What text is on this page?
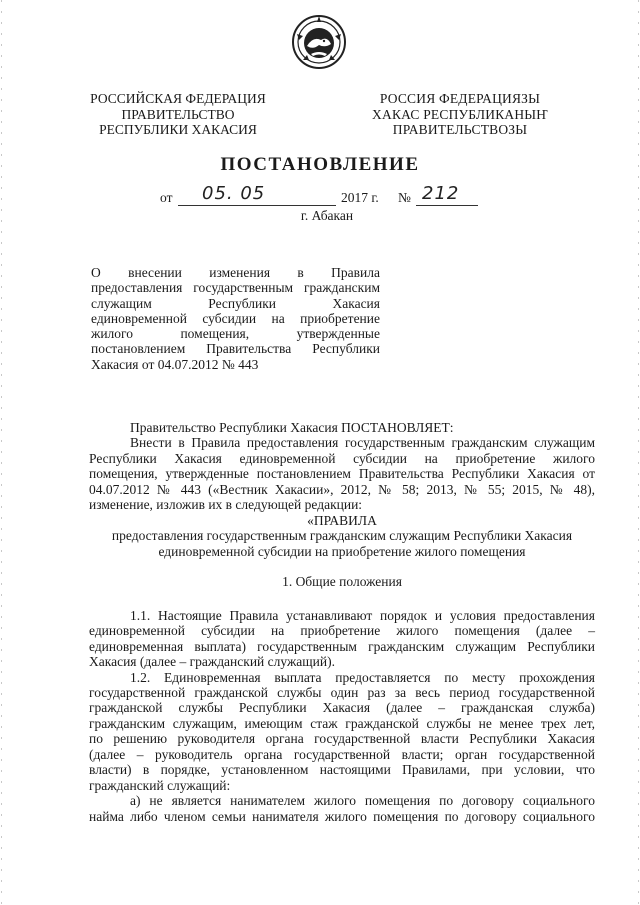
РОССИЙСКАЯ ФЕДЕРАЦИЯ
ПРАВИТЕЛЬСТВО
РЕСПУБЛИКИ ХАКАСИЯ
РОССИЯ ФЕДЕРАЦИЯЗЫ
ХАКАС РЕСПУБЛИКАНЫҤ
ПРАВИТЕЛЬСТВОЗЫ
ПОСТАНОВЛЕНИЕ
от 05. 05	2017 г. № 212
г. Абакан
О внесении изменения в Правила
предоставления государственным гражданским
служащим Республики Хакасия
единовременной субсидии на приобретение
жилого помещения, утвержденные
постановлением Правительства Республики
Хакасия от 04.07.2012 № 443
Правительство Республики Хакасия ПОСТАНОВЛЯЕТ:
Внести в Правила предоставления государственным гражданским служащим
Республики Хакасия единовременной субсидии на приобретение жилого
помещения, утвержденные постановлением Правительства Республики Хакасия от
04.07.2012 № 443 («Вестник Хакасии», 2012, № 58; 2013, № 55; 2015, № 48),
изменение, изложив их в следующей редакции:
«ПРАВИЛА
предоставления государственным гражданским служащим Республики Хакасия
единовременной субсидии на приобретение жилого помещения
1. Общие положения
1.1. Настоящие Правила устанавливают порядок и условия предоставления
единовременной субсидии на приобретение жилого помещения (далее –
единовременная выплата) государственным гражданским служащим Республики
Хакасия (далее – гражданский служащий).
1.2. Единовременная выплата предоставляется по месту прохождения
государственной гражданской службы один раз за весь период государственной
гражданской службы Республики Хакасия (далее – гражданская служба)
гражданским служащим, имеющим стаж гражданской службы не менее трех лет,
по решению руководителя органа государственной власти Республики Хакасия
(далее – руководитель органа государственной власти; орган государственной
власти) в порядке, установленном настоящими Правилами, при условии, что
гражданский служащий:
а) не является нанимателем жилого помещения по договору социального
найма либо членом семьи нанимателя жилого помещения по договору социального
